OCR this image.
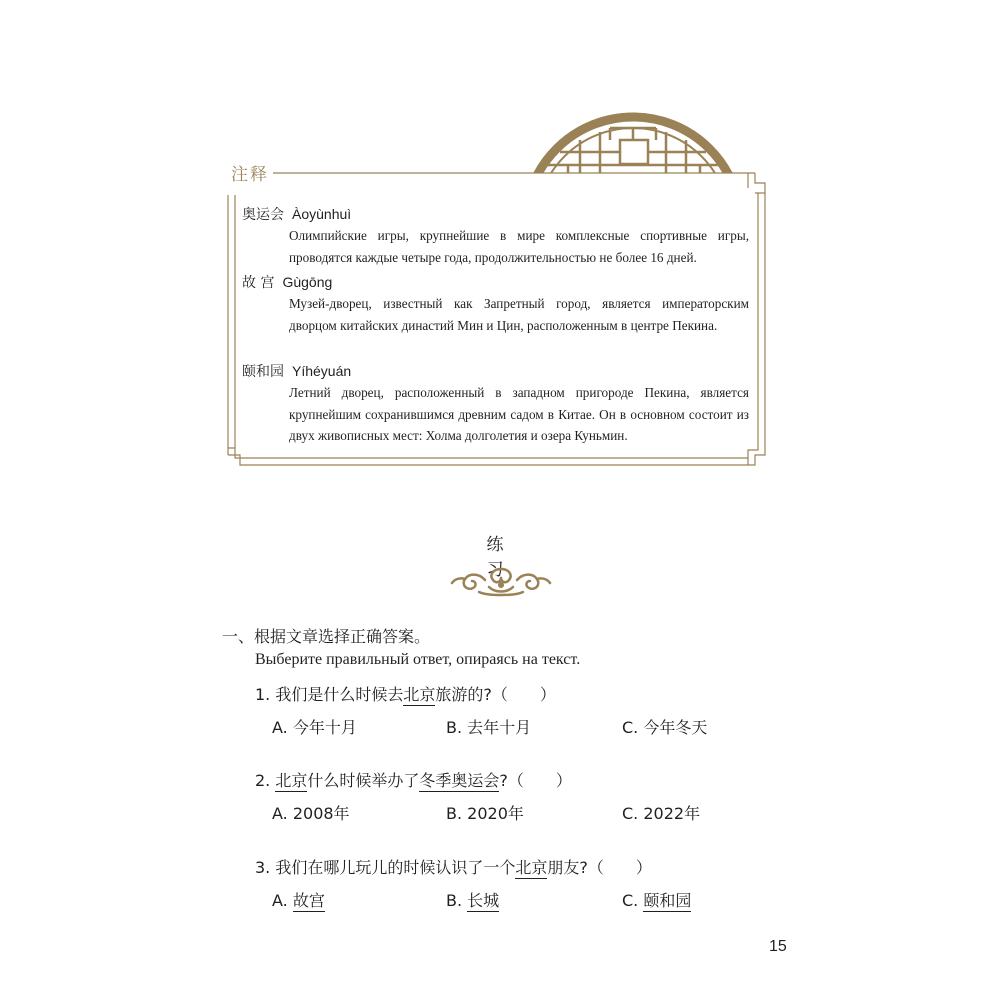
注释
奥运会 Àoyùnhuì
Олимпийские игры, крупнейшие в мире комплексные спортивные игры, проводятся каждые четыре года, продолжительностью не более 16 дней.
故 宫 Gùgōng
Музей-дворец, известный как Запретный город, является императорским дворцом китайских династий Мин и Цин, расположенным в центре Пекина.
颐和园 Yíhéyuán
Летний дворец, расположенный в западном пригороде Пекина, является крупнейшим сохранившимся древним садом в Китае. Он в основном состоит из двух живописных мест: Холма долголетия и озера Куньмин.
练 习
一、根据文章选择正确答案。
Выберите правильный ответ, опираясь на текст.
1. 我们是什么时候去北京旅游的?（　　）
A. 今年十月	B. 去年十月	C. 今年冬天
2. 北京什么时候举办了冬季奥运会?（　　）
A. 2008年	B. 2020年	C. 2022年
3. 我们在哪儿玩儿的时候认识了一个北京朋友?（　　）
A. 故宫	B. 长城	C. 颐和园
15
